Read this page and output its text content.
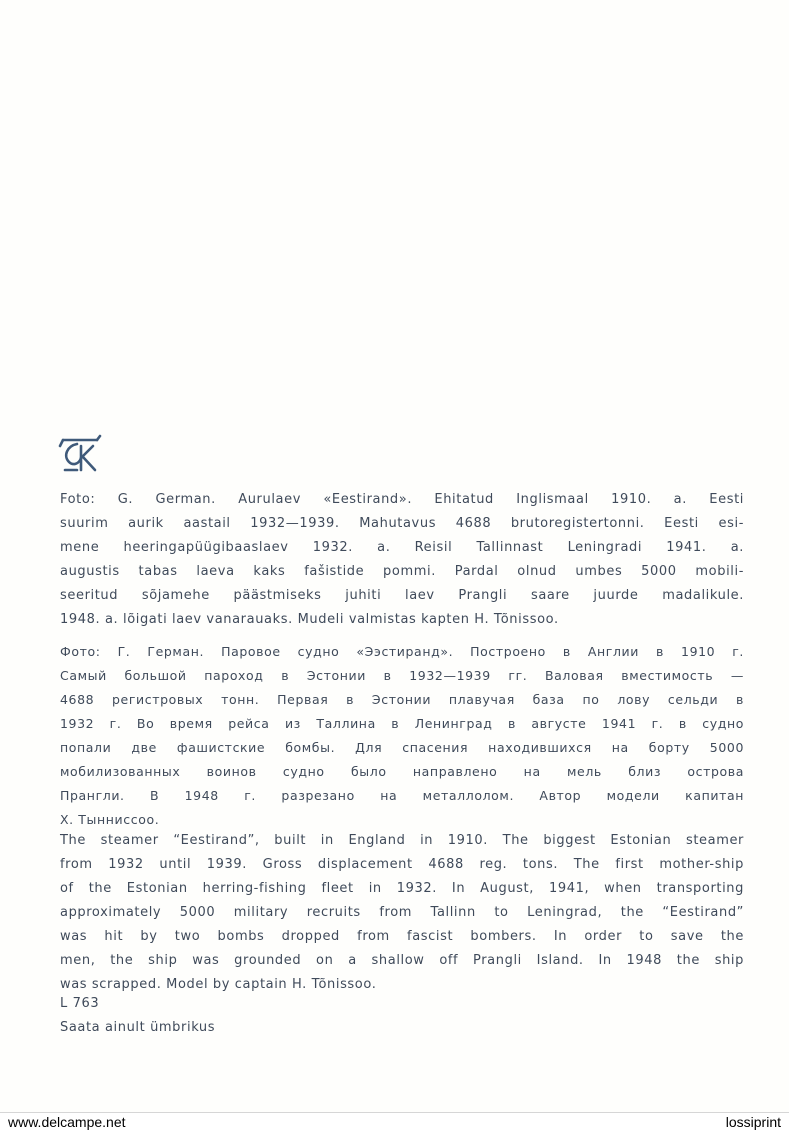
Foto: G. German. Aurulaev «Eestirand». Ehitatud Inglismaal 1910. a. Eesti
suurim aurik aastail 1932—1939. Mahutavus 4688 brutoregistertonni. Eesti esi-
mene heeringapüügibaaslaev 1932. a. Reisil Tallinnast Leningradi 1941. a.
augustis tabas laeva kaks fašistide pommi. Pardal olnud umbes 5000 mobili-
seeritud sõjamehe päästmiseks juhiti laev Prangli saare juurde madalikule.
1948. a. lõigati laev vanarauaks. Mudeli valmistas kapten H. Tõnissoo.
Фото: Г. Герман. Паровое судно «Ээстиранд». Построено в Англии в 1910 г.
Самый большой пароход в Эстонии в 1932—1939 гг. Валовая вместимость —
4688 регистровых тонн. Первая в Эстонии плавучая база по лову сельди в
1932 г. Во время рейса из Таллина в Ленинград в августе 1941 г. в судно
попали две фашистские бомбы. Для спасения находившихся на борту 5000
мобилизованных воинов судно было направлено на мель близ острова
Прангли. В 1948 г. разрезано на металлолом. Автор модели капитан
Х. Тынниссоо.
The steamer “Eestirand”, built in England in 1910. The biggest Estonian steamer
from 1932 until 1939. Gross displacement 4688 reg. tons. The first mother-ship
of the Estonian herring-fishing fleet in 1932. In August, 1941, when transporting
approximately 5000 military recruits from Tallinn to Leningrad, the “Eestirand”
was hit by two bombs dropped from fascist bombers. In order to save the
men, the ship was grounded on a shallow off Prangli Island. In 1948 the ship
was scrapped. Model by captain H. Tõnissoo.
L 763
Saata ainult ümbrikus
www.delcampe.net	lossiprint
